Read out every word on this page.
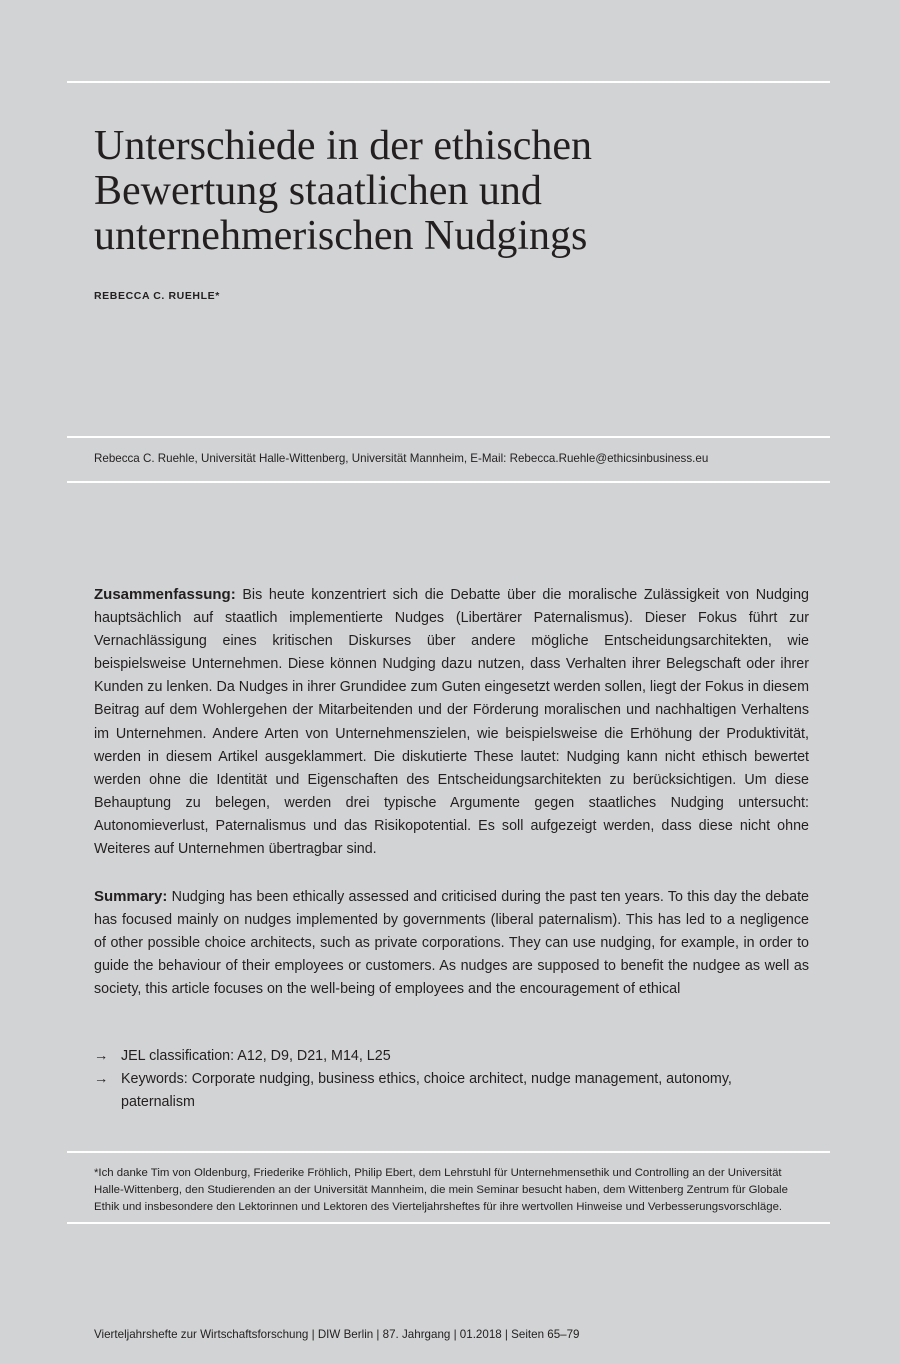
Unterschiede in der ethischen
Bewertung staatlichen und
unternehmerischen Nudgings

REBECCA C. RUEHLE*

Rebecca C. Ruehle, Universität Halle-Wittenberg, Universität Mannheim, E-Mail: Rebecca.Ruehle@ethicsinbusiness.eu

Zusammenfassung: Bis heute konzentriert sich die Debatte über die moralische Zulässigkeit von Nudging hauptsächlich auf staatlich implementierte Nudges (Libertärer Paternalismus). Dieser Fokus führt zur Vernachlässigung eines kritischen Diskurses über andere mögliche Entscheidungsarchitekten, wie beispielsweise Unternehmen. Diese können Nudging dazu nutzen, dass Verhalten ihrer Belegschaft oder ihrer Kunden zu lenken. Da Nudges in ihrer Grundidee zum Guten eingesetzt werden sollen, liegt der Fokus in diesem Beitrag auf dem Wohlergehen der Mitarbeitenden und der Förderung moralischen und nachhaltigen Verhaltens im Unternehmen. Andere Arten von Unternehmenszielen, wie beispielsweise die Erhöhung der Produktivität, werden in diesem Artikel ausgeklammert. Die diskutierte These lautet: Nudging kann nicht ethisch bewertet werden ohne die Identität und Eigenschaften des Entscheidungsarchitekten zu berücksichtigen. Um diese Behauptung zu belegen, werden drei typische Argumente gegen staatliches Nudging untersucht: Autonomieverlust, Paternalismus und das Risikopotential. Es soll aufgezeigt werden, dass diese nicht ohne Weiteres auf Unternehmen übertragbar sind.

Summary: Nudging has been ethically assessed and criticised during the past ten years. To this day the debate has focused mainly on nudges implemented by governments (liberal paternalism). This has led to a negligence of other possible choice architects, such as private corporations. They can use nudging, for example, in order to guide the behaviour of their employees or customers. As nudges are supposed to benefit the nudgee as well as society, this article focuses on the well-being of employees and the encouragement of ethical

→ JEL classification: A12, D9, D21, M14, L25
→ Keywords: Corporate nudging, business ethics, choice architect, nudge management, autonomy, paternalism

*Ich danke Tim von Oldenburg, Friederike Fröhlich, Philip Ebert, dem Lehrstuhl für Unternehmensethik und Controlling an der Universität Halle-Wittenberg, den Studierenden an der Universität Mannheim, die mein Seminar besucht haben, dem Wittenberg Zentrum für Globale Ethik und insbesondere den Lektorinnen und Lektoren des Vierteljahrsheftes für ihre wertvollen Hinweise und Verbesserungsvorschläge.

Vierteljahrshefte zur Wirtschaftsforschung | DIW Berlin | 87. Jahrgang | 01.2018 | Seiten 65–79
